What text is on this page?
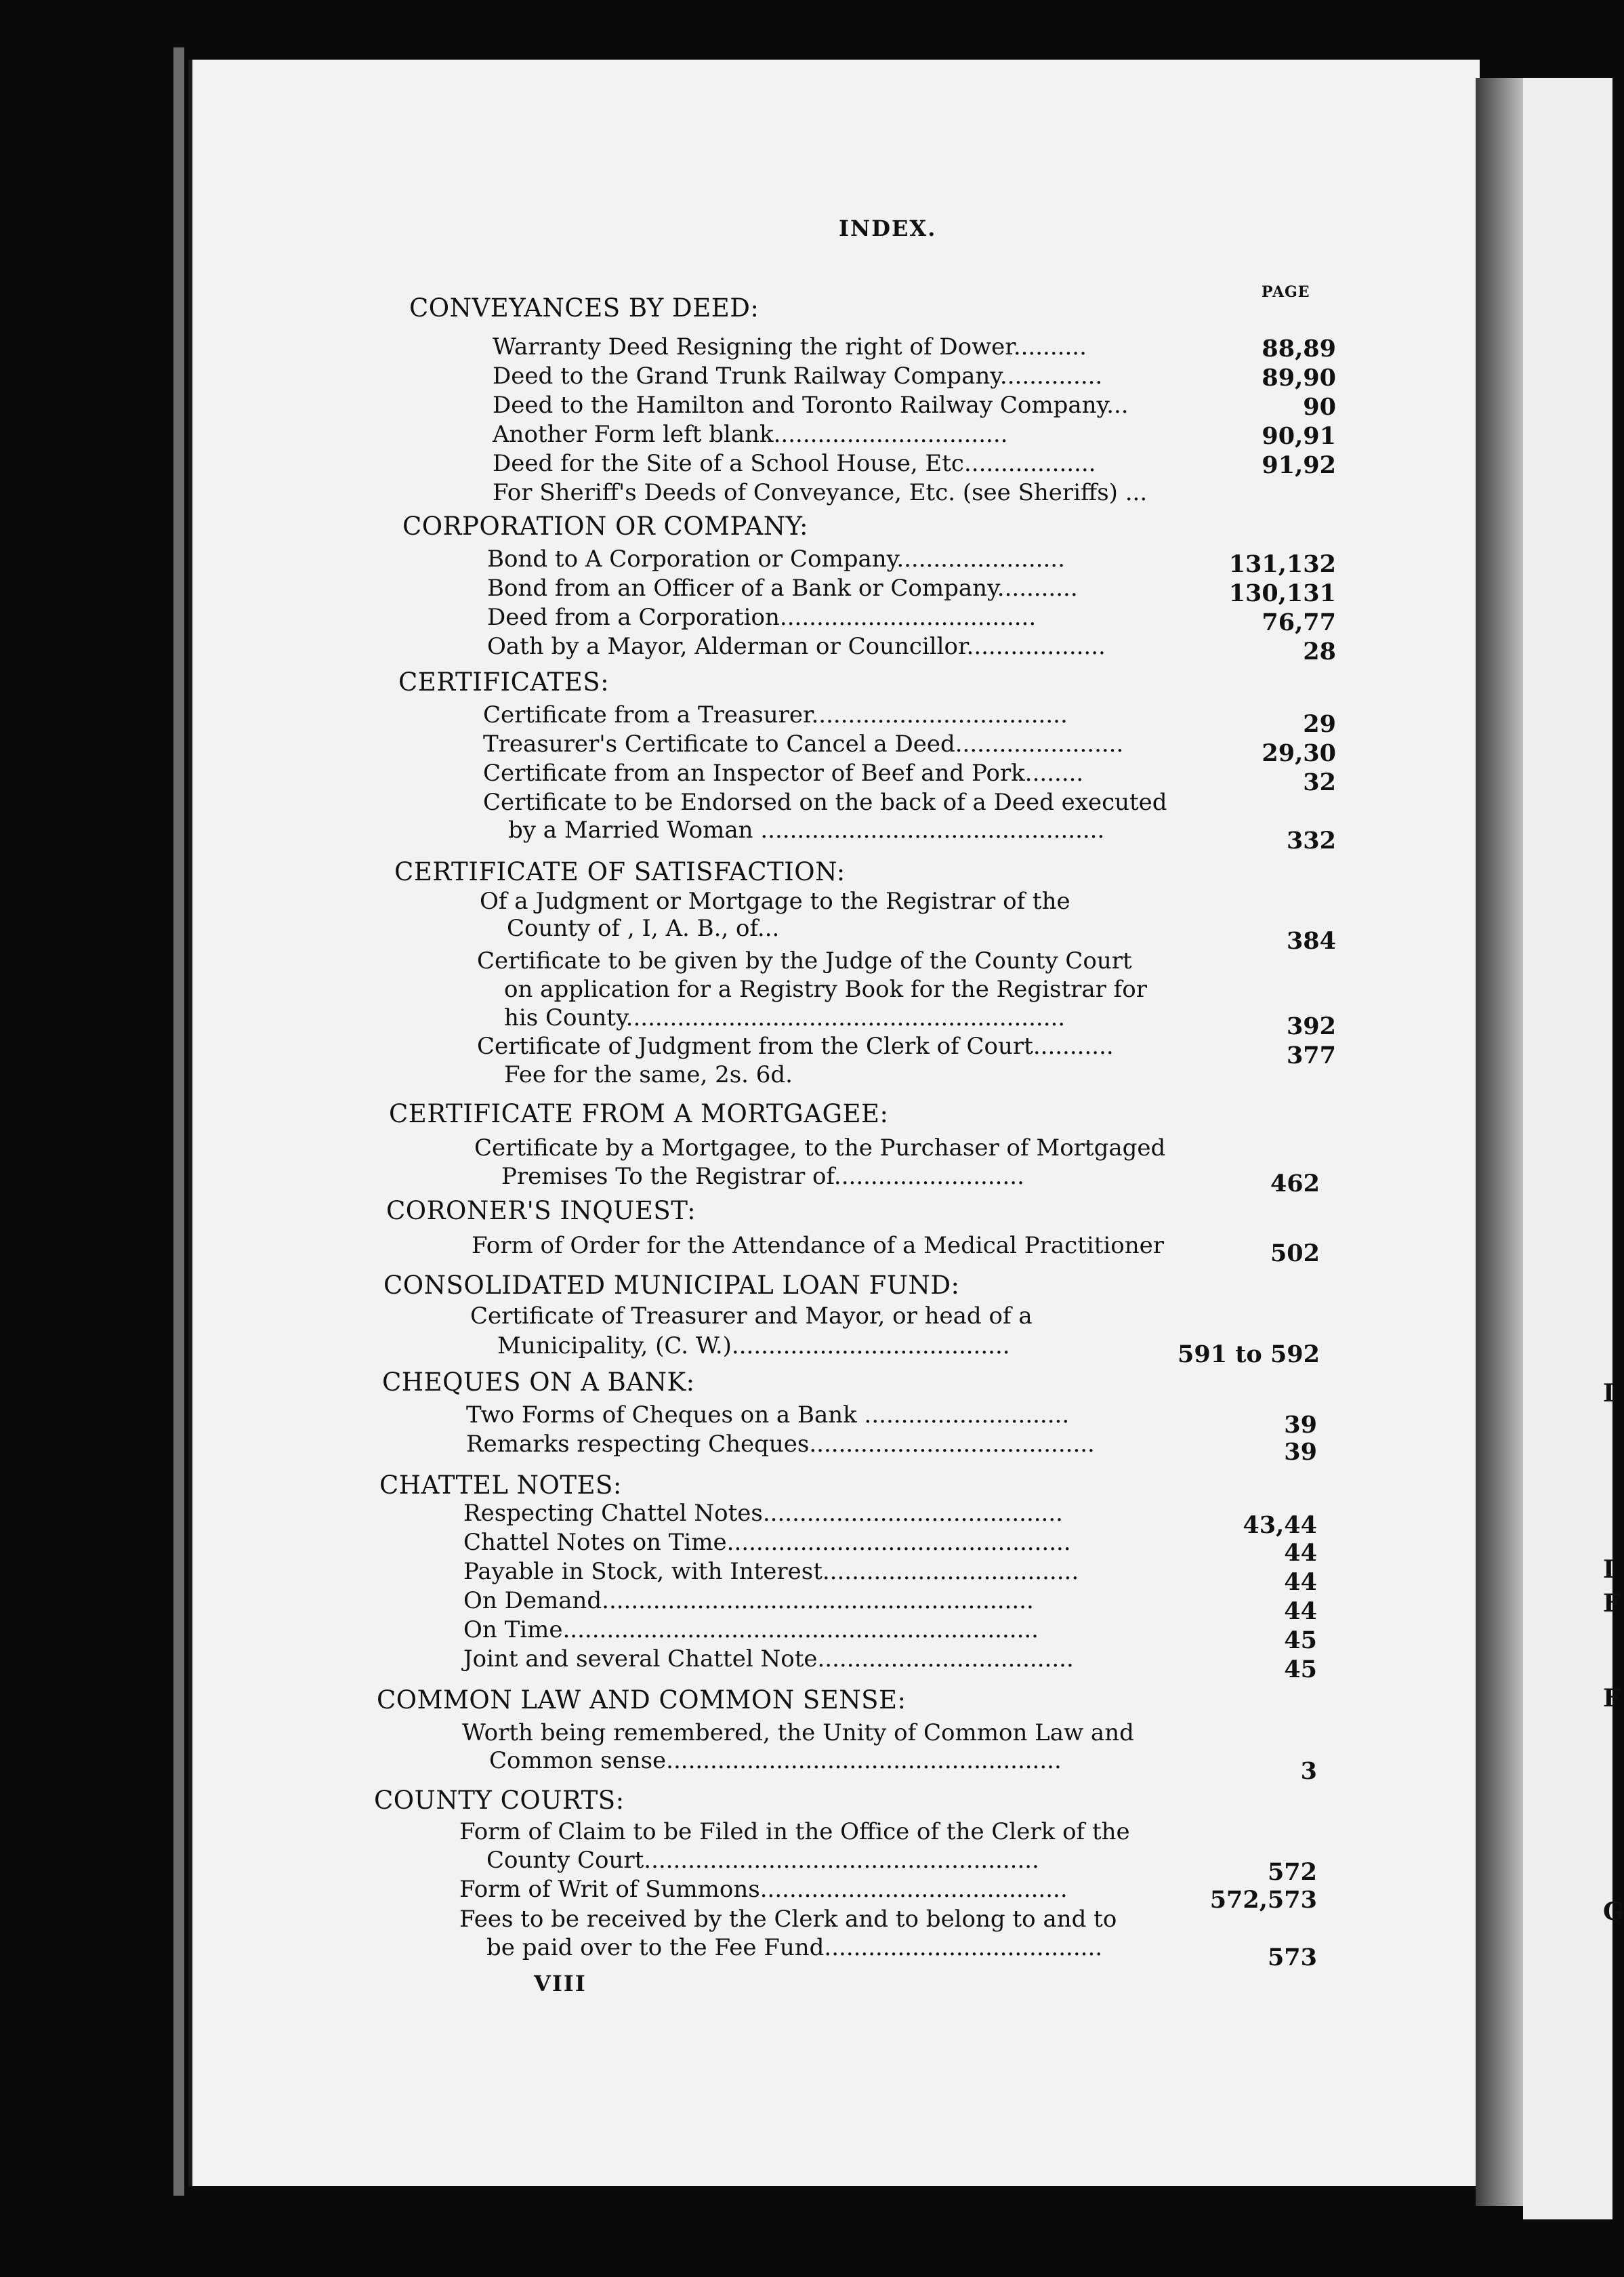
I
I
F
F
G
INDEX.
PAGE
CONVEYANCES BY DEED:
Warranty Deed Resigning the right of Dower..........	88,89
Deed to the Grand Trunk Railway Company..............	89,90
Deed to the Hamilton and Toronto Railway Company...	90
Another Form left blank................................	90,91
Deed for the Site of a School House, Etc..................	91,92
For Sheriff's Deeds of Conveyance, Etc. (see Sheriffs) ...
CORPORATION OR COMPANY:
Bond to A Corporation or Company.......................	131,132
Bond from an Officer of a Bank or Company...........	130,131
Deed from a Corporation...................................	76,77
Oath by a Mayor, Alderman or Councillor...................	28
CERTIFICATES:
Certificate from a Treasurer...................................	29
Treasurer's Certificate to Cancel a Deed.......................	29,30
Certificate from an Inspector of Beef and Pork........	32
Certificate to be Endorsed on the back of a Deed executed
by a Married Woman ...............................................	332
CERTIFICATE OF SATISFACTION:
Of a Judgment or Mortgage to the Registrar of the
County of , I, A. B., of...	384
Certificate to be given by the Judge of the County Court
on application for a Registry Book for the Registrar for
his County............................................................	392
Certificate of Judgment from the Clerk of Court...........	377
Fee for the same, 2s. 6d.
CERTIFICATE FROM A MORTGAGEE:
Certificate by a Mortgagee, to the Purchaser of Mortgaged
Premises To the Registrar of..........................	462
CORONER'S INQUEST:
Form of Order for the Attendance of a Medical Practitioner	502
CONSOLIDATED MUNICIPAL LOAN FUND:
Certificate of Treasurer and Mayor, or head of a
Municipality, (C. W.)......................................	591 to 592
CHEQUES ON A BANK:
Two Forms of Cheques on a Bank ............................	39
Remarks respecting Cheques.......................................	39
CHATTEL NOTES:
Respecting Chattel Notes.........................................	43,44
Chattel Notes on Time...............................................	44
Payable in Stock, with Interest...................................	44
On Demand...........................................................	44
On Time.................................................................	45
Joint and several Chattel Note...................................	45
COMMON LAW AND COMMON SENSE:
Worth being remembered, the Unity of Common Law and
Common sense......................................................	3
COUNTY COURTS:
Form of Claim to be Filed in the Office of the Clerk of the
County Court......................................................	572
Form of Writ of Summons..........................................	572,573
Fees to be received by the Clerk and to belong to and to
be paid over to the Fee Fund......................................	573
VIII
